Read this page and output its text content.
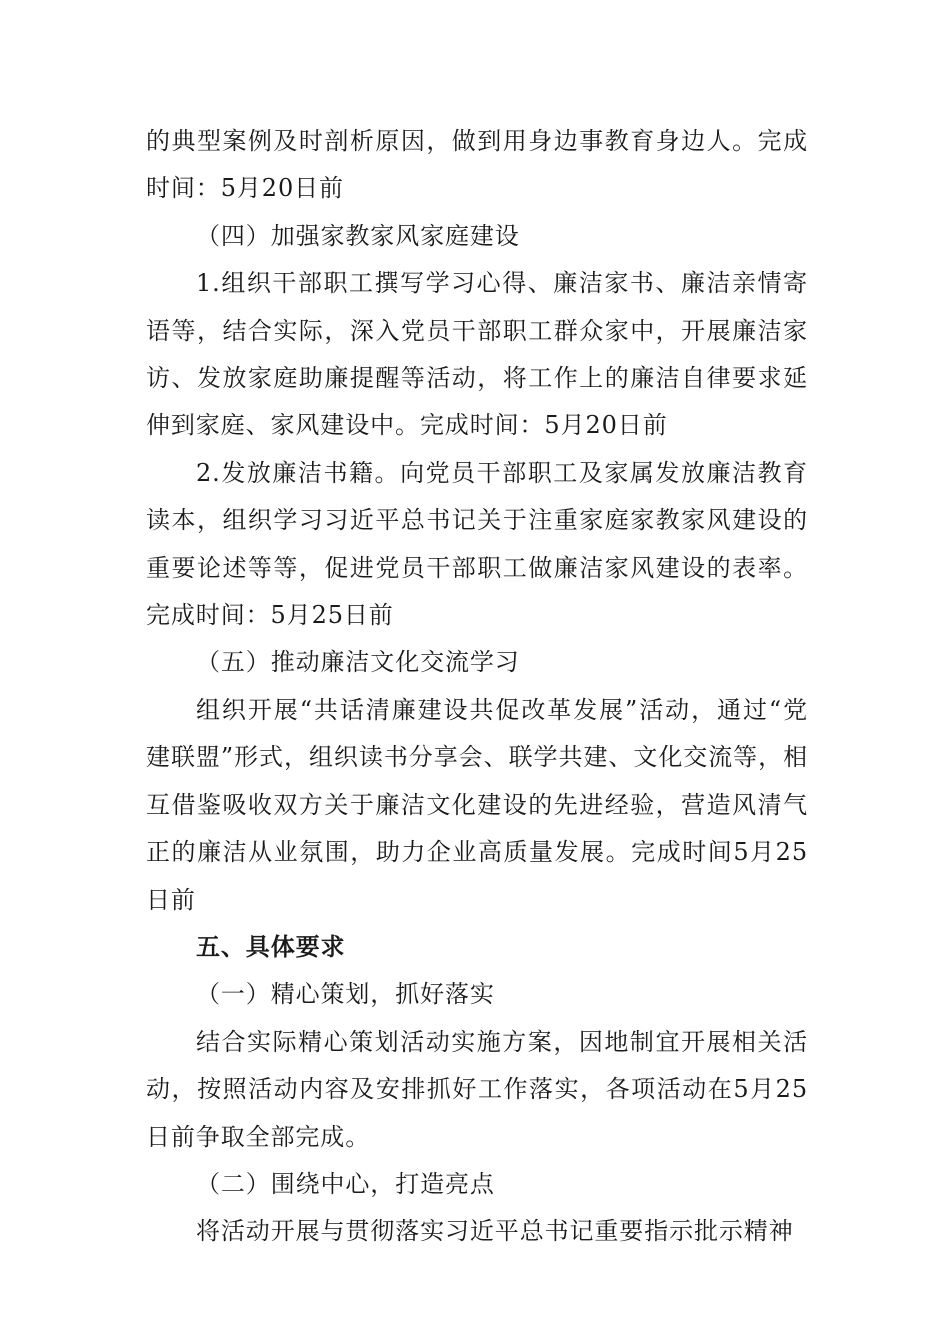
的典型案例及时剖析原因，做到用身边事教育身边人。完成时间：5月20日前

（四）加强家教家风家庭建设

1.组织干部职工撰写学习心得、廉洁家书、廉洁亲情寄语等，结合实际，深入党员干部职工群众家中，开展廉洁家访、发放家庭助廉提醒等活动，将工作上的廉洁自律要求延伸到家庭、家风建设中。完成时间：5月20日前

2.发放廉洁书籍。向党员干部职工及家属发放廉洁教育读本，组织学习习近平总书记关于注重家庭家教家风建设的重要论述等等，促进党员干部职工做廉洁家风建设的表率。完成时间：5月25日前

（五）推动廉洁文化交流学习

组织开展“共话清廉建设共促改革发展”活动，通过“党建联盟”形式，组织读书分享会、联学共建、文化交流等，相互借鉴吸收双方关于廉洁文化建设的先进经验，营造风清气正的廉洁从业氛围，助力企业高质量发展。完成时间5月25日前

五、具体要求

（一）精心策划，抓好落实

结合实际精心策划活动实施方案，因地制宜开展相关活动，按照活动内容及安排抓好工作落实，各项活动在5月25日前争取全部完成。

（二）围绕中心，打造亮点

将活动开展与贯彻落实习近平总书记重要指示批示精神
